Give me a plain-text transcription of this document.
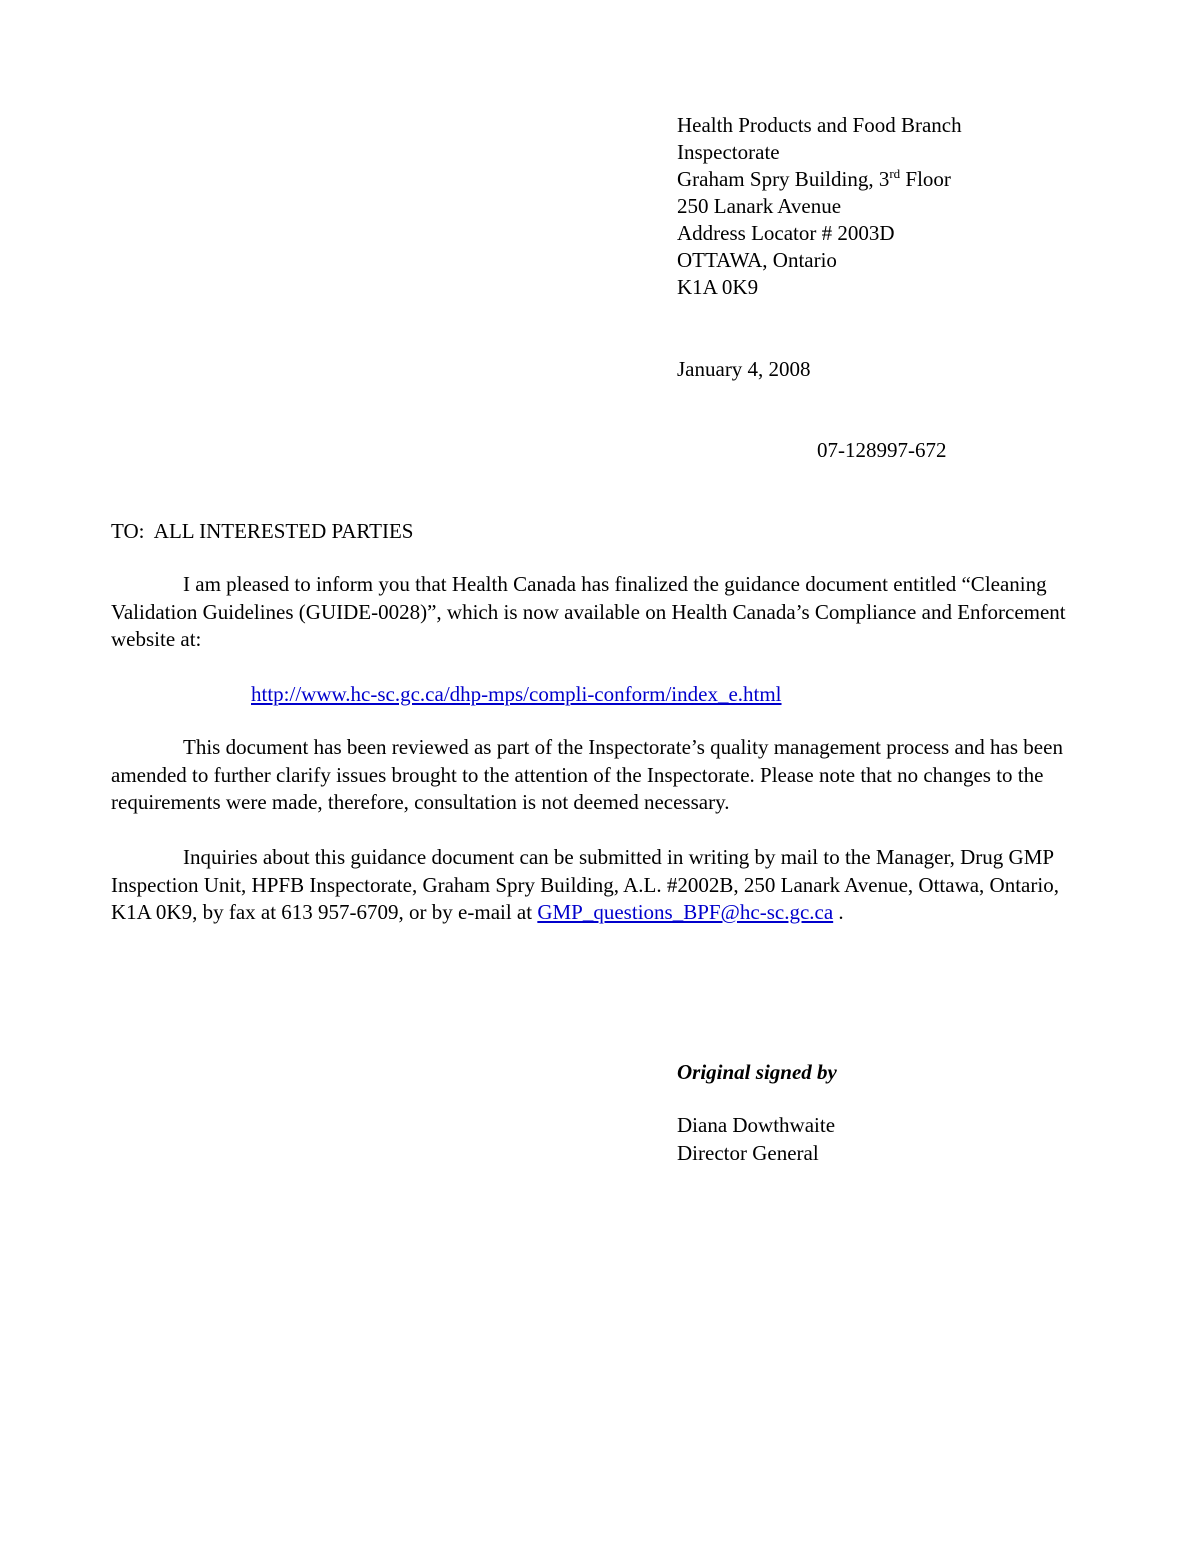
Health Products and Food Branch
Inspectorate
Graham Spry Building, 3rd Floor
250 Lanark Avenue
Address Locator # 2003D
OTTAWA, Ontario
K1A 0K9
January 4, 2008
07-128997-672
TO:  ALL INTERESTED PARTIES
I am pleased to inform you that Health Canada has finalized the guidance document entitled “Cleaning Validation Guidelines (GUIDE-0028)”, which is now available on Health Canada’s Compliance and Enforcement website at:
http://www.hc-sc.gc.ca/dhp-mps/compli-conform/index_e.html
This document has been reviewed as part of the Inspectorate’s quality management process and has been amended to further clarify issues brought to the attention of the Inspectorate. Please note that no changes to the requirements were made, therefore, consultation is not deemed necessary.
Inquiries about this guidance document can be submitted in writing by mail to the Manager, Drug GMP Inspection Unit, HPFB Inspectorate, Graham Spry Building, A.L. #2002B, 250 Lanark Avenue, Ottawa, Ontario, K1A 0K9, by fax at 613 957-6709, or by e-mail at GMP_questions_BPF@hc-sc.gc.ca .
Original signed by
Diana Dowthwaite
Director General
